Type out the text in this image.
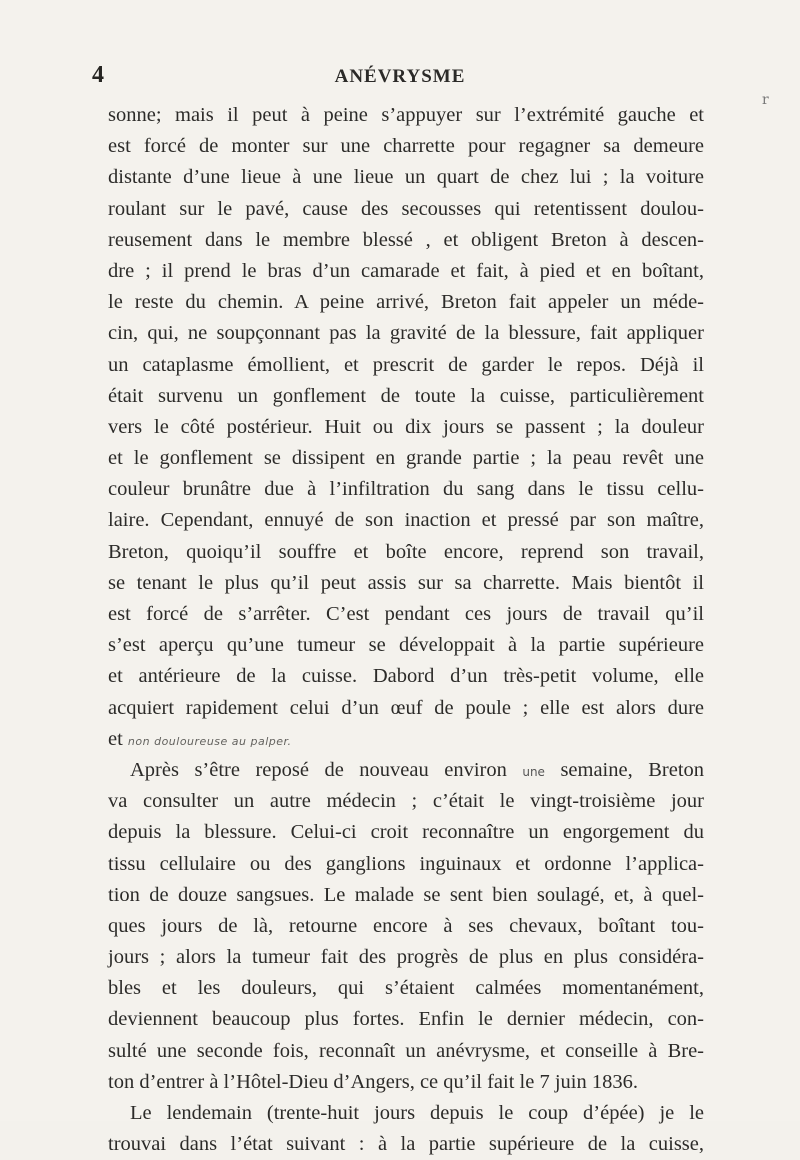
4	ANÉVRYSME
r
sonne; mais il peut à peine s’appuyer sur l’extrémité gauche et
est forcé de monter sur une charrette pour regagner sa demeure
distante d’une lieue à une lieue un quart de chez lui ; la voiture
roulant sur le pavé, cause des secousses qui retentissent doulou-
reusement dans le membre blessé , et obligent Breton à descen-
dre ; il prend le bras d’un camarade et fait, à pied et en boîtant,
le reste du chemin. A peine arrivé, Breton fait appeler un méde-
cin, qui, ne soupçonnant pas la gravité de la blessure, fait appliquer
un cataplasme émollient, et prescrit de garder le repos. Déjà il
était survenu un gonflement de toute la cuisse, particulièrement
vers le côté postérieur. Huit ou dix jours se passent ; la douleur
et le gonflement se dissipent en grande partie ; la peau revêt une
couleur brunâtre due à l’infiltration du sang dans le tissu cellu-
laire. Cependant, ennuyé de son inaction et pressé par son maître,
Breton, quoiqu’il souffre et boîte encore, reprend son travail,
se tenant le plus qu’il peut assis sur sa charrette. Mais bientôt il
est forcé de s’arrêter. C’est pendant ces jours de travail qu’il
s’est aperçu qu’une tumeur se développait à la partie supérieure
et antérieure de la cuisse. Dabord d’un très-petit volume, elle
acquiert rapidement celui d’un œuf de poule ; elle est alors dure
et non douloureuse au palper.
Après s’être reposé de nouveau environ une semaine, Breton
va consulter un autre médecin ; c’était le vingt-troisième jour
depuis la blessure. Celui-ci croit reconnaître un engorgement du
tissu cellulaire ou des ganglions inguinaux et ordonne l’applica-
tion de douze sangsues. Le malade se sent bien soulagé, et, à quel-
ques jours de là, retourne encore à ses chevaux, boîtant tou-
jours ; alors la tumeur fait des progrès de plus en plus considéra-
bles et les douleurs, qui s’étaient calmées momentanément,
deviennent beaucoup plus fortes. Enfin le dernier médecin, con-
sulté une seconde fois, reconnaît un anévrysme, et conseille à Bre-
ton d’entrer à l’Hôtel-Dieu d’Angers, ce qu’il fait le 7 juin 1836.
Le lendemain (trente-huit jours depuis le coup d’épée) je le
trouvai dans l’état suivant : à la partie supérieure de la cuisse,
